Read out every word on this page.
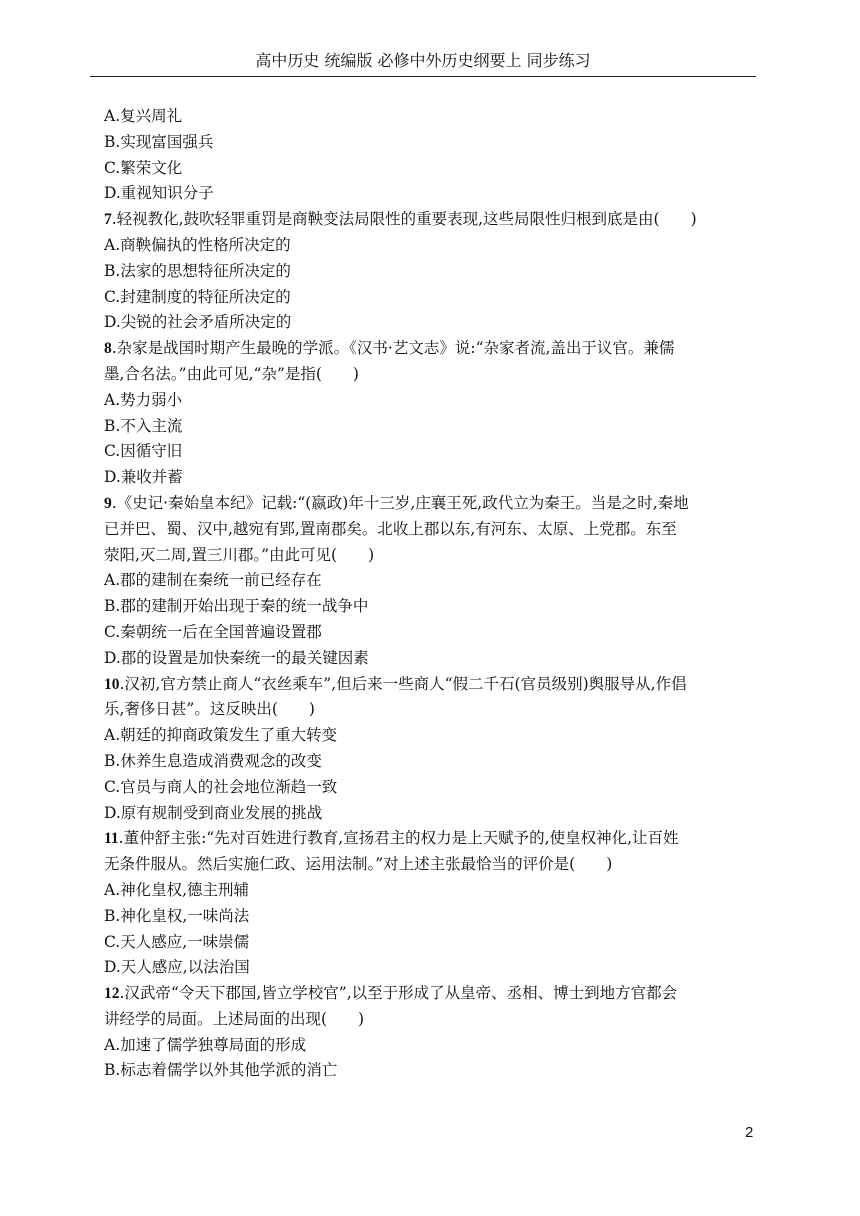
高中历史 统编版 必修中外历史纲要上 同步练习
A.复兴周礼
B.实现富国强兵
C.繁荣文化
D.重视知识分子
7.轻视教化,鼓吹轻罪重罚是商鞅变法局限性的重要表现,这些局限性归根到底是由(　　)
A.商鞅偏执的性格所决定的
B.法家的思想特征所决定的
C.封建制度的特征所决定的
D.尖锐的社会矛盾所决定的
8.杂家是战国时期产生最晚的学派。《汉书·艺文志》说:“杂家者流,盖出于议官。兼儒
墨,合名法。”由此可见,“杂”是指(　　)
A.势力弱小
B.不入主流
C.因循守旧
D.兼收并蓄
9.《史记·秦始皇本纪》记载:“(嬴政)年十三岁,庄襄王死,政代立为秦王。当是之时,秦地
已并巴、蜀、汉中,越宛有郢,置南郡矣。北收上郡以东,有河东、太原、上党郡。东至
荥阳,灭二周,置三川郡。”由此可见(　　)
A.郡的建制在秦统一前已经存在
B.郡的建制开始出现于秦的统一战争中
C.秦朝统一后在全国普遍设置郡
D.郡的设置是加快秦统一的最关键因素
10.汉初,官方禁止商人“衣丝乘车”,但后来一些商人“假二千石(官员级别)舆服导从,作倡
乐,奢侈日甚”。这反映出(　　)
A.朝廷的抑商政策发生了重大转变
B.休养生息造成消费观念的改变
C.官员与商人的社会地位渐趋一致
D.原有规制受到商业发展的挑战
11.董仲舒主张:“先对百姓进行教育,宣扬君主的权力是上天赋予的,使皇权神化,让百姓
无条件服从。然后实施仁政、运用法制。”对上述主张最恰当的评价是(　　)
A.神化皇权,德主刑辅
B.神化皇权,一味尚法
C.天人感应,一味崇儒
D.天人感应,以法治国
12.汉武帝“令天下郡国,皆立学校官”,以至于形成了从皇帝、丞相、博士到地方官都会
讲经学的局面。上述局面的出现(　　)
A.加速了儒学独尊局面的形成
B.标志着儒学以外其他学派的消亡
2
